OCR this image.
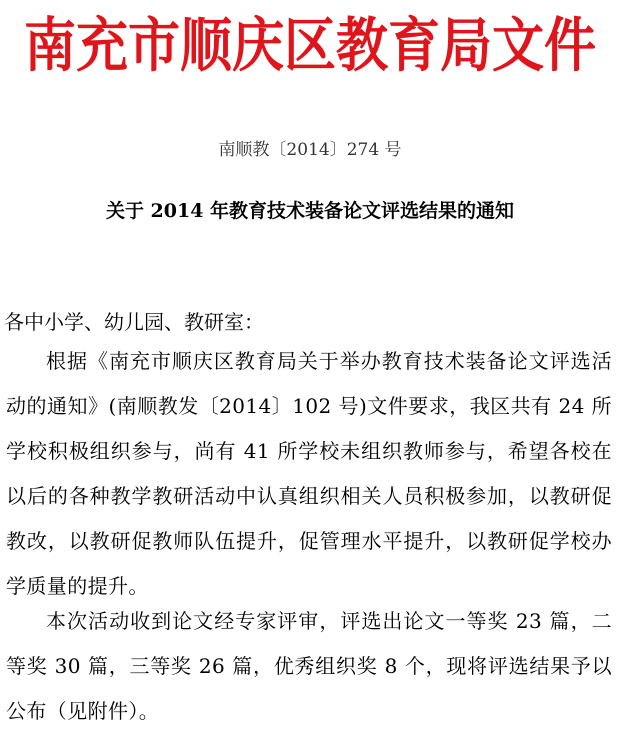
南充市顺庆区教育局文件
南顺教〔2014〕274 号
关于 2014 年教育技术装备论文评选结果的通知
各中小学、幼儿园、教研室：

根据《南充市顺庆区教育局关于举办教育技术装备论文评选活动的通知》(南顺教发〔2014〕102 号)文件要求，我区共有 24 所学校积极组织参与，尚有 41 所学校未组织教师参与，希望各校在以后的各种教学教研活动中认真组织相关人员积极参加，以教研促教改，以教研促教师队伍提升，促管理水平提升，以教研促学校办学质量的提升。

本次活动收到论文经专家评审，评选出论文一等奖 23 篇，二等奖 30 篇，三等奖 26 篇，优秀组织奖 8 个，现将评选结果予以公布（见附件）。
